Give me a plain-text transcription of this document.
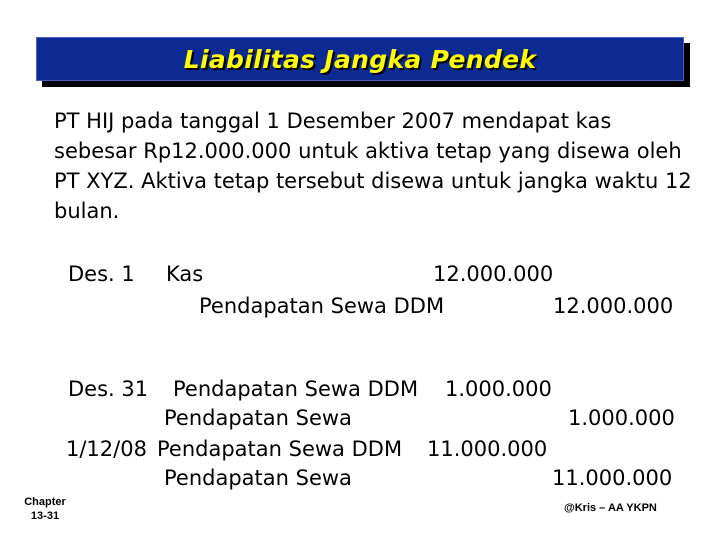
Liabilitas Jangka Pendek

PT HIJ pada tanggal 1 Desember 2007 mendapat kas sebesar Rp12.000.000 untuk aktiva tetap yang disewa oleh PT XYZ. Aktiva tetap tersebut disewa untuk jangka waktu 12 bulan.

Des. 1 Kas	12.000.000
Pendapatan Sewa DDM	12.000.000
Des. 31 Pendapatan Sewa DDM 1.000.000
Pendapatan Sewa	1.000.000
1/12/08 Pendapatan Sewa DDM 11.000.000
Pendapatan Sewa	11.000.000
Chapter
13-31
@Kris – AA YKPN
